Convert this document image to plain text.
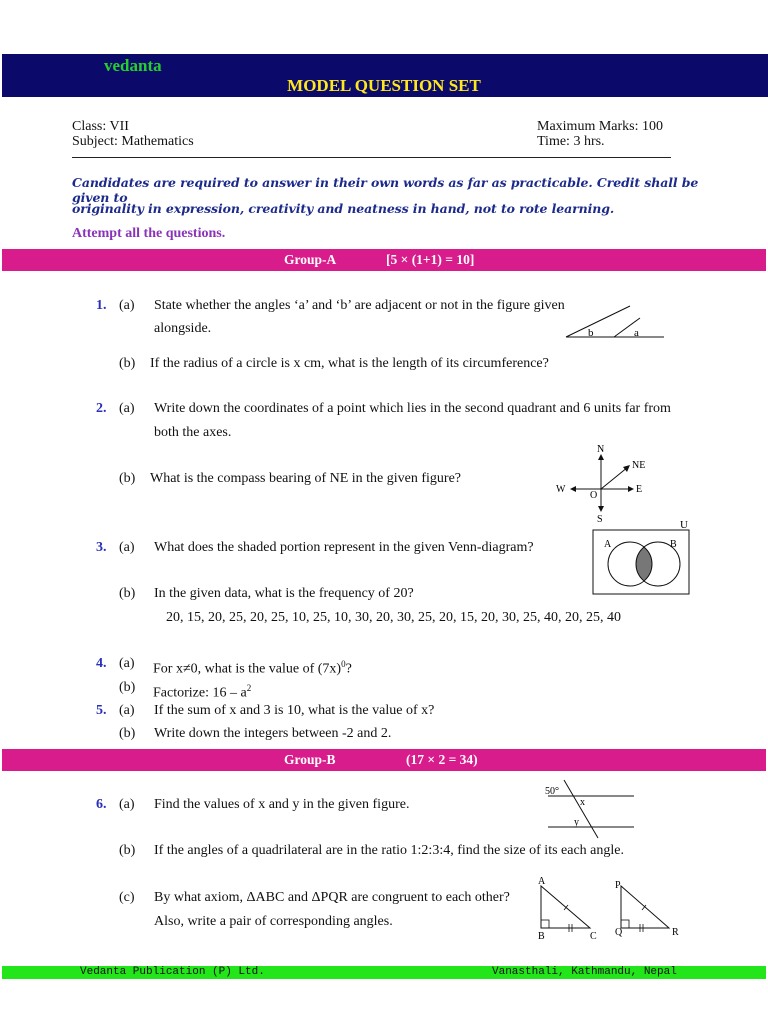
vedanta
MODEL QUESTION SET
Class: VII
Subject: Mathematics
Maximum Marks: 100
Time: 3 hrs.
Candidates are required to answer in their own words as far as practicable. Credit shall be given to
originality in expression, creativity and neatness in hand, not to rote learning.
Attempt all the questions.
Group-A	[5 × (1+1) = 10]
1. (a) State whether the angles ‘a’ and ‘b’ are adjacent or not in the figure given
alongside.
(b) If the radius of a circle is x cm, what is the length of its circumference?
b	a
2. (a) Write down the coordinates of a point which lies in the second quadrant and 6 units far from
both the axes.
(b) What is the compass bearing of NE in the given figure?
N
S
E
W
NE
O
3. (a) What does the shaded portion represent in the given Venn-diagram?
(b) In the given data, what is the frequency of 20?
20, 15, 20, 25, 20, 25, 10, 25, 10, 30, 20, 30, 25, 20, 15, 20, 30, 25, 40, 20, 25, 40
U
A	B
4. (a) For x≠0, what is the value of $(7x)^0$?
(b) Factorize: $16 - a^2$
5. (a) If the sum of x and 3 is 10, what is the value of x?
(b) Write down the integers between -2 and 2.
Group-B	(17 × 2 = 34)
6. (a) Find the values of x and y in the given figure.
(b) If the angles of a quadrilateral are in the ratio 1:2:3:4, find the size of its each angle.
(c) By what axiom, ΔABC and ΔPQR are congruent to each other?
Also, write a pair of corresponding angles.
50°
x
y
A
B	C
P
Q	R
Vedanta Publication (P) Ltd.	Vanasthali, Kathmandu, Nepal
